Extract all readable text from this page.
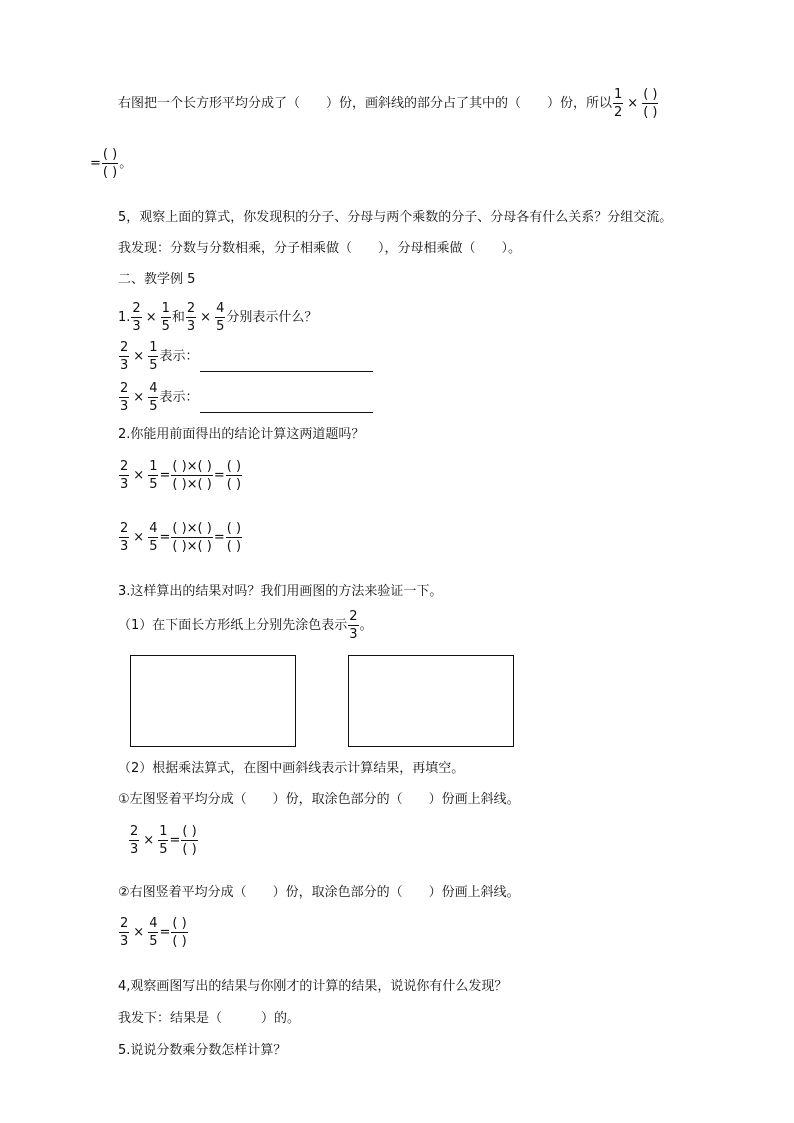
右图把一个长方形平均分成了（　　）份，画斜线的部分占了其中的（　　）份，所以 $\frac{1}{2} \times \frac{( )}{( )}$
= $\frac{( )}{( )}$ 。
5，观察上面的算式，你发现积的分子、分母与两个乘数的分子、分母各有什么关系？分组交流。
我发现：分数与分数相乘，分子相乘做（　　），分母相乘做（　　）。
二、教学例 5
1. $\frac{2}{3} \times \frac{1}{5}$ 和 $\frac{2}{3} \times \frac{4}{5}$ 分别表示什么？
$\frac{2}{3} \times \frac{1}{5}$ 表示：
$\frac{2}{3} \times \frac{4}{5}$ 表示：
2.你能用前面得出的结论计算这两道题吗？
$\frac{2}{3} \times \frac{1}{5} = \frac{( )\times( )}{( )\times( )} = \frac{( )}{( )}$
$\frac{2}{3} \times \frac{4}{5} = \frac{( )\times( )}{( )\times( )} = \frac{( )}{( )}$
3.这样算出的结果对吗？我们用画图的方法来验证一下。
（1）在下面长方形纸上分别先涂色表示 $\frac{2}{3}$ 。
（2）根据乘法算式，在图中画斜线表示计算结果，再填空。
①左图竖着平均分成（　　）份，取涂色部分的（　　）份画上斜线。
$\frac{2}{3} \times \frac{1}{5} = \frac{( )}{( )}$
②右图竖着平均分成（　　）份，取涂色部分的（　　）份画上斜线。
$\frac{2}{3} \times \frac{4}{5} = \frac{( )}{( )}$
4,观察画图写出的结果与你刚才的计算的结果，说说你有什么发现？
我发下：结果是（　　　）的。
5.说说分数乘分数怎样计算？
